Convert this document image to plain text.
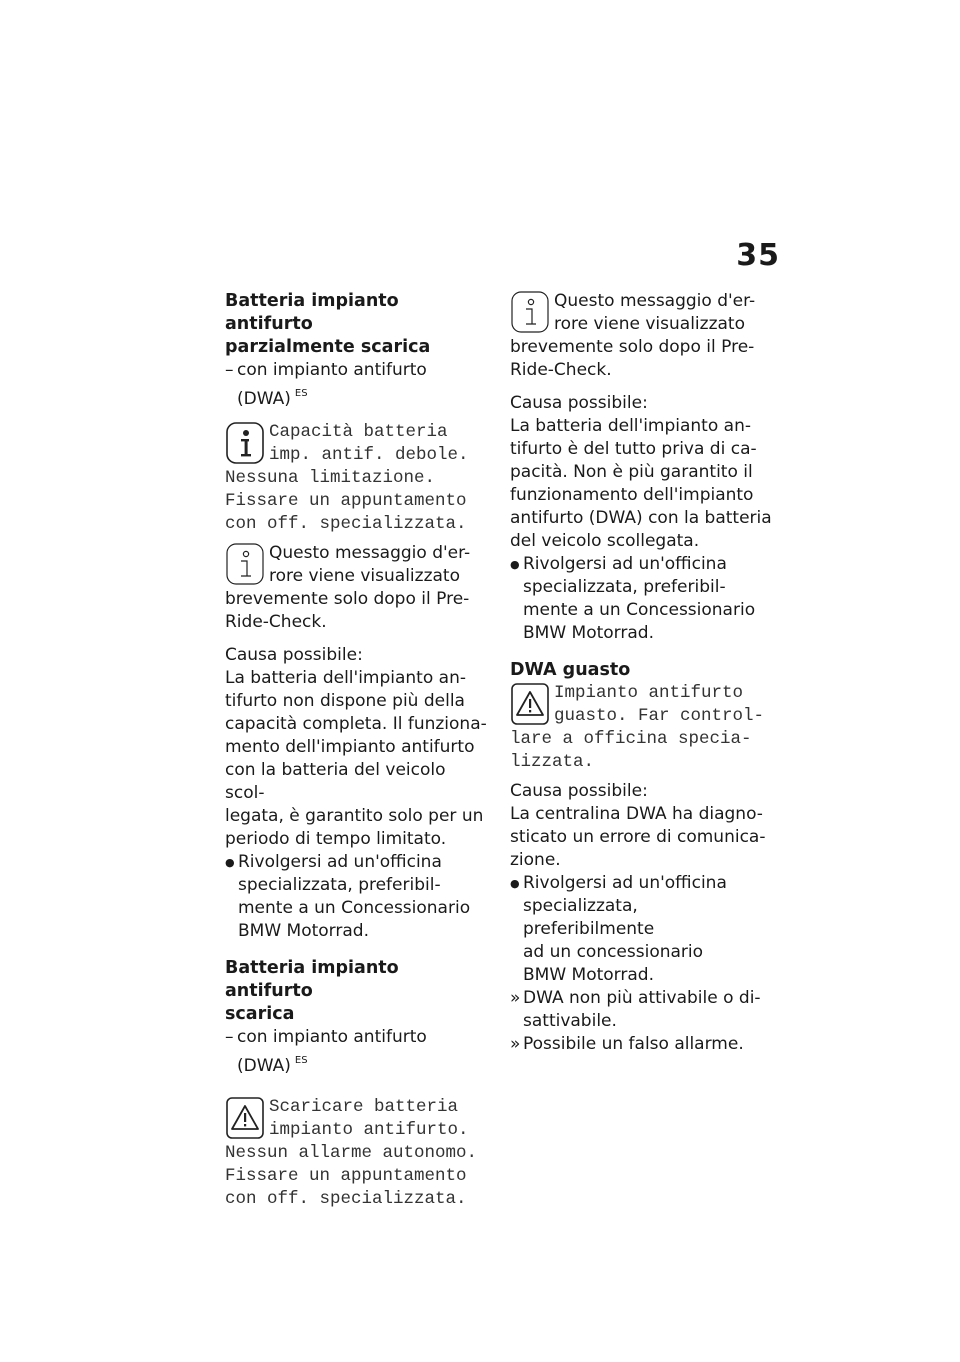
35

Batteria impianto antifurto
parzialmente scarica

– con impianto antifurto
(DWA) $^{ES}$

Capacità batteria

imp. antif. debole.

Nessuna limitazione.

Fissare un appuntamento

con off. specializzata.

Questo messaggio d'er-
rore viene visualizzato

brevemente solo dopo il Pre-

Ride-Check.

Causa possibile:

La batteria dell'impianto an-
tifurto non dispone più della
capacità completa. Il funziona-
mento dell'impianto antifurto
con la batteria del veicolo scol-
legata, è garantito solo per un
periodo di tempo limitato.

● Rivolgersi ad un'officina
specializzata, preferibil-
mente a un Concessionario
BMW Motorrad.

Batteria impianto antifurto
scarica

– con impianto antifurto
(DWA) $^{ES}$

Scaricare batteria

impianto antifurto.

Nessun allarme autonomo.

Fissare un appuntamento

con off. specializzata.

Questo messaggio d'er-
rore viene visualizzato

brevemente solo dopo il Pre-

Ride-Check.

Causa possibile:

La batteria dell'impianto an-
tifurto è del tutto priva di ca-
pacità. Non è più garantito il
funzionamento dell'impianto
antifurto (DWA) con la batteria
del veicolo scollegata.

● Rivolgersi ad un'officina
specializzata, preferibil-
mente a un Concessionario
BMW Motorrad.

DWA guasto

Impianto antifurto

guasto. Far control-

lare a officina specia-

lizzata.

Causa possibile:

La centralina DWA ha diagno-
sticato un errore di comunica-
zione.

● Rivolgersi ad un'officina
specializzata, preferibilmente
ad un concessionario
BMW Motorrad.
» DWA non più attivabile o di-
sattivabile.
» Possibile un falso allarme.
